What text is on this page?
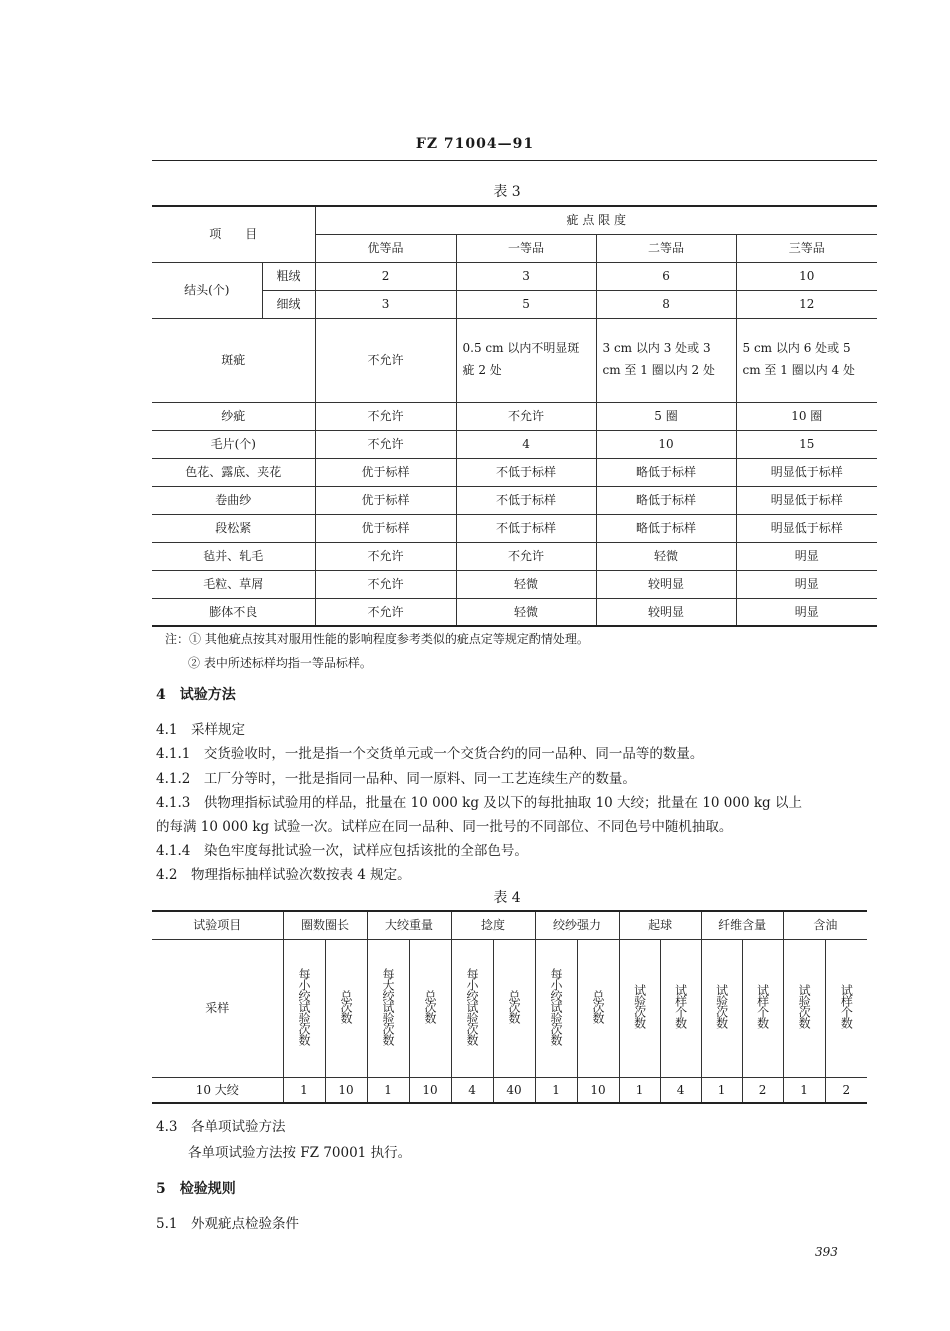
FZ 71004—91
表 3
项　　目		疵 点 限 度			
		优等品	一等品	二等品	三等品
结头(个)	粗绒	2	3	6	10
	细绒	3	5	8	12
斑疵		不允许	0.5 cm 以内不明显斑疵 2 处	3 cm 以内 3 处或 3 cm 至 1 圈以内 2 处	5 cm 以内 6 处或 5 cm 至 1 圈以内 4 处
纱疵		不允许	不允许	5 圈	10 圈
毛片(个)		不允许	4	10	15
色花、露底、夹花		优于标样	不低于标样	略低于标样	明显低于标样
卷曲纱		优于标样	不低于标样	略低于标样	明显低于标样
段松紧		优于标样	不低于标样	略低于标样	明显低于标样
毡并、轧毛		不允许	不允许	轻微	明显
毛粒、草屑		不允许	轻微	较明显	明显
膨体不良		不允许	轻微	较明显	明显
注：① 其他疵点按其对服用性能的影响程度参考类似的疵点定等规定酌情处理。
② 表中所述标样均指一等品标样。
4　试验方法
4.1　采样规定
4.1.1　交货验收时，一批是指一个交货单元或一个交货合约的同一品种、同一品等的数量。
4.1.2　工厂分等时，一批是指同一品种、同一原料、同一工艺连续生产的数量。
4.1.3　供物理指标试验用的样品，批量在 10 000 kg 及以下的每批抽取 10 大绞；批量在 10 000 kg 以上
的每满 10 000 kg 试验一次。试样应在同一品种、同一批号的不同部位、不同色号中随机抽取。
4.1.4　染色牢度每批试验一次，试样应包括该批的全部色号。
4.2　物理指标抽样试验次数按表 4 规定。
表 4
试验项目	圈数圈长		大绞重量		捻度		绞纱强力		起球		纤维含量		含油	
采样	每小绞试验次数	总次数	每大绞试验次数	总次数	每小绞试验次数	总次数	每小绞试验次数	总次数	试验次数	试样个数	试验次数	试样个数	试验次数	试样个数
10 大绞	1	10	1	10	4	40	1	10	1	4	1	2	1	2
4.3　各单项试验方法
各单项试验方法按 FZ 70001 执行。
5　检验规则
5.1　外观疵点检验条件
393
